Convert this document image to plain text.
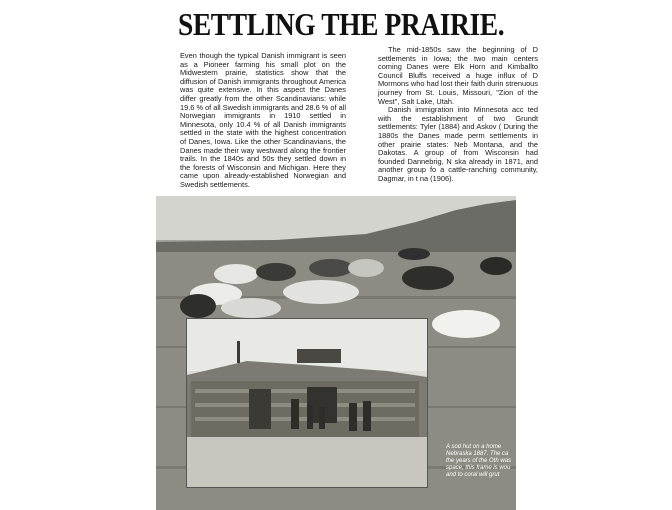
SETTLING THE PRAIRIE.

Even though the typical Danish immigrant is seen as a Pioneer farming his small plot on the Midwestern prairie, statistics show that the diffusion of Danish immigrants throughout America was quite extensive. In this aspect the Danes differ greatly from the other Scandinavians: while 19.6 % of all Swedish immigrants and 28.6 % of all Norwegian immigrants in 1910 settled in Minnesota, only 10.4 % of all Danish immigrants settled in the state with the highest concentration of Danes, Iowa. Like the other Scandinavians, the Danes made their way westward along the frontier trails. In the 1840s and 50s they settled down in the forests of Wisconsin and Michigan. Here they came upon already-established Norwegian and Swedish settlements.

The mid-1850s saw the beginning of D settlements in Iowa; the two main centers coming Danes were Elk Horn and Kimballto Council Bluffs received a huge influx of D Mormons who had lost their faith durin strenuous journey from St. Louis, Missouri, "Zion of the West", Salt Lake, Utah.

Danish immigration into Minnesota acc ted with the establishment of two Grundt settlements: Tyler (1884) and Askov ( During the 1880s the Danes made perm settlements in other prairie states: Neb Montana, and the Dakotas. A group of from Wisconsin had founded Dannebrig, N ska already in 1871, and another group fo a cattle-ranching community, Dagmar, in t na (1906).

A sod hut on a home Nebraska 1887. The ca the years of the Oth was space, this frame is wou and to coral will grut
